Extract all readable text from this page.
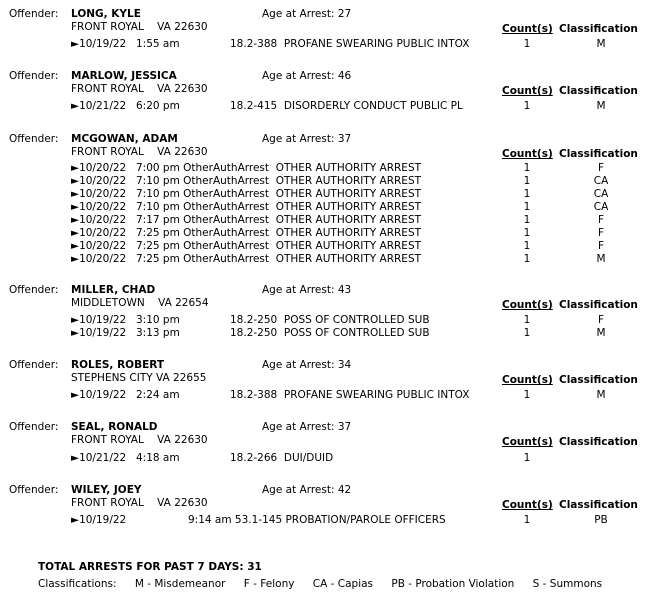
Offender: LONG, KYLE	Age at Arrest: 27
FRONT ROYAL    VA 22630	Count(s) Classification
►10/19/22 1:55 am	18.2-388  PROFANE SWEARING PUBLIC INTOX	1	M
Offender: MARLOW, JESSICA	Age at Arrest: 46
FRONT ROYAL    VA 22630	Count(s) Classification
►10/21/22 6:20 pm	18.2-415  DISORDERLY CONDUCT PUBLIC PL	1	M
Offender: MCGOWAN, ADAM	Age at Arrest: 37
FRONT ROYAL    VA 22630	Count(s) Classification
►10/20/22 7:00 pm OtherAuthArrest  OTHER AUTHORITY ARREST	1	F
►10/20/22 7:10 pm OtherAuthArrest  OTHER AUTHORITY ARREST	1	CA
►10/20/22 7:10 pm OtherAuthArrest  OTHER AUTHORITY ARREST	1	CA
►10/20/22 7:10 pm OtherAuthArrest  OTHER AUTHORITY ARREST	1	CA
►10/20/22 7:17 pm OtherAuthArrest  OTHER AUTHORITY ARREST	1	F
►10/20/22 7:25 pm OtherAuthArrest  OTHER AUTHORITY ARREST	1	F
►10/20/22 7:25 pm OtherAuthArrest  OTHER AUTHORITY ARREST	1	F
►10/20/22 7:25 pm OtherAuthArrest  OTHER AUTHORITY ARREST	1	M
Offender: MILLER, CHAD	Age at Arrest: 43
MIDDLETOWN    VA 22654	Count(s) Classification
►10/19/22 3:10 pm	18.2-250  POSS OF CONTROLLED SUB	1	F
►10/19/22 3:13 pm	18.2-250  POSS OF CONTROLLED SUB	1	M
Offender: ROLES, ROBERT	Age at Arrest: 34
STEPHENS CITY VA 22655	Count(s) Classification
►10/19/22 2:24 am	18.2-388  PROFANE SWEARING PUBLIC INTOX	1	M
Offender: SEAL, RONALD	Age at Arrest: 37
FRONT ROYAL    VA 22630	Count(s) Classification
►10/21/22 4:18 am	18.2-266  DUI/DUID	1
Offender: WILEY, JOEY	Age at Arrest: 42
FRONT ROYAL    VA 22630	Count(s) Classification
►10/19/22	9:14 am 53.1-145 PROBATION/PAROLE OFFICERS	1	PB
TOTAL ARRESTS FOR PAST 7 DAYS: 31
Classifications: M - Misdemeanor F - Felony CA - Capias PB - Probation Violation S - Summons
